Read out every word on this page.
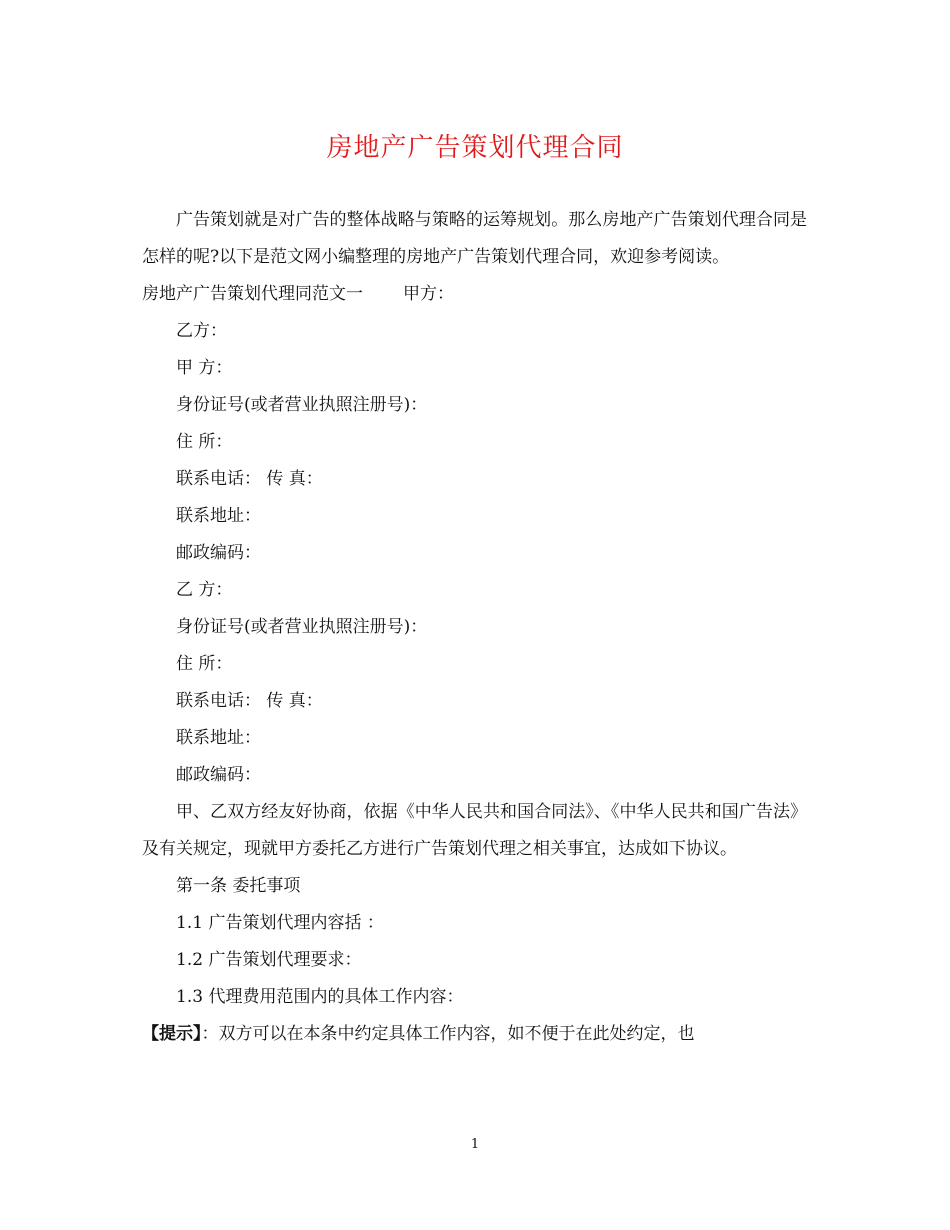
房地产广告策划代理合同

广告策划就是对广告的整体战略与策略的运筹规划。那么房地产广告策划代理合同是怎样的呢?以下是范文网小编整理的房地产广告策划代理合同，欢迎参考阅读。

房地产广告策划代理同范文一 甲方：

乙方：

甲 方：

身份证号(或者营业执照注册号)：

住 所：

联系电话： 传 真：

联系地址：

邮政编码：

乙 方：

身份证号(或者营业执照注册号)：

住 所：

联系电话： 传 真：

联系地址：

邮政编码：

甲、乙双方经友好协商，依据《中华人民共和国合同法》、《中华人民共和国广告法》及有关规定，现就甲方委托乙方进行广告策划代理之相关事宜，达成如下协议。

第一条 委托事项

1.1 广告策划代理内容括 ：

1.2 广告策划代理要求：

1.3 代理费用范围内的具体工作内容：

【提示】：双方可以在本条中约定具体工作内容，如不便于在此处约定，也

1
